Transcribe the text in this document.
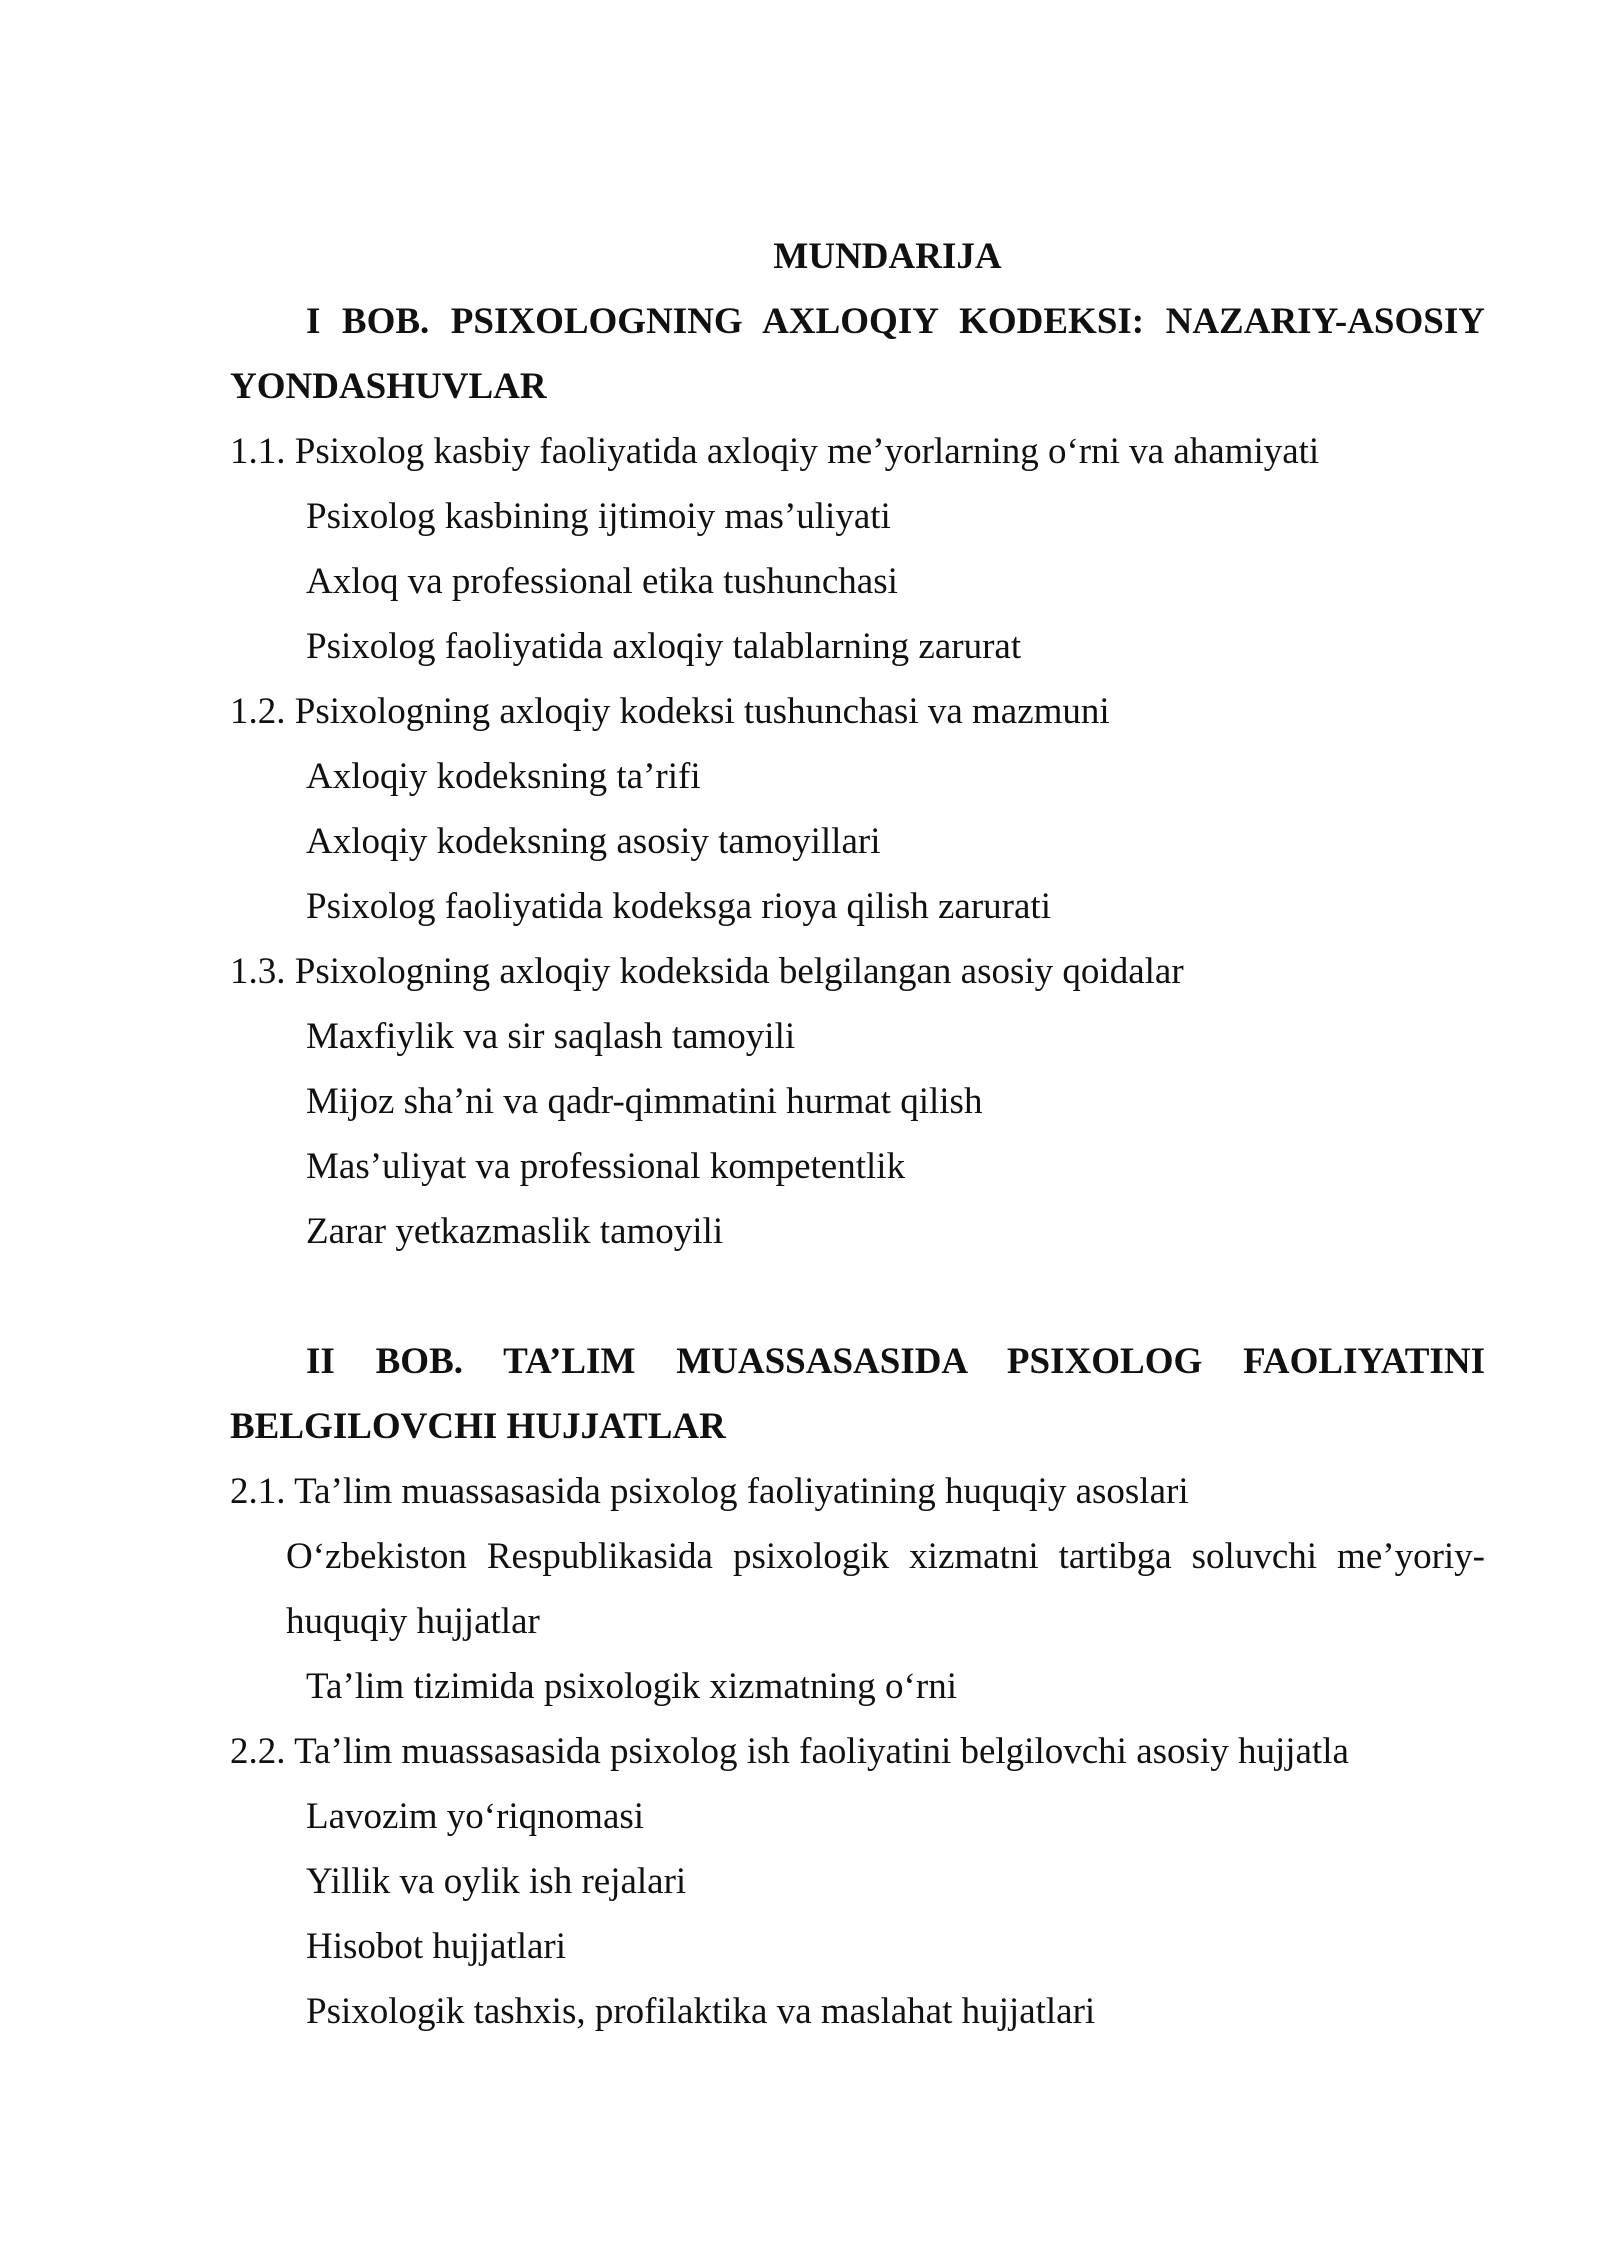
MUNDARIJA
I BOB. PSIXOLOGNING AXLOQIY KODEKSI: NAZARIY-ASOSIY
YONDASHUVLAR
1.1. Psixolog kasbiy faoliyatida axloqiy me’yorlarning o‘rni va ahamiyati
Psixolog kasbining ijtimoiy mas’uliyati
Axloq va professional etika tushunchasi
Psixolog faoliyatida axloqiy talablarning zarurat
1.2. Psixologning axloqiy kodeksi tushunchasi va mazmuni
Axloqiy kodeksning ta’rifi
Axloqiy kodeksning asosiy tamoyillari
Psixolog faoliyatida kodeksga rioya qilish zarurati
1.3. Psixologning axloqiy kodeksida belgilangan asosiy qoidalar
Maxfiylik va sir saqlash tamoyili
Mijoz sha’ni va qadr-qimmatini hurmat qilish
Mas’uliyat va professional kompetentlik
Zarar yetkazmaslik tamoyili
II BOB. TA’LIM MUASSASASIDA PSIXOLOG FAOLIYATINI
BELGILOVCHI HUJJATLAR
2.1. Ta’lim muassasasida psixolog faoliyatining huquqiy asoslari
O‘zbekiston Respublikasida psixologik xizmatni tartibga soluvchi me’yoriy-
huquqiy hujjatlar
Ta’lim tizimida psixologik xizmatning o‘rni
2.2. Ta’lim muassasasida psixolog ish faoliyatini belgilovchi asosiy hujjatla
Lavozim yo‘riqnomasi
Yillik va oylik ish rejalari
Hisobot hujjatlari
Psixologik tashxis, profilaktika va maslahat hujjatlari
